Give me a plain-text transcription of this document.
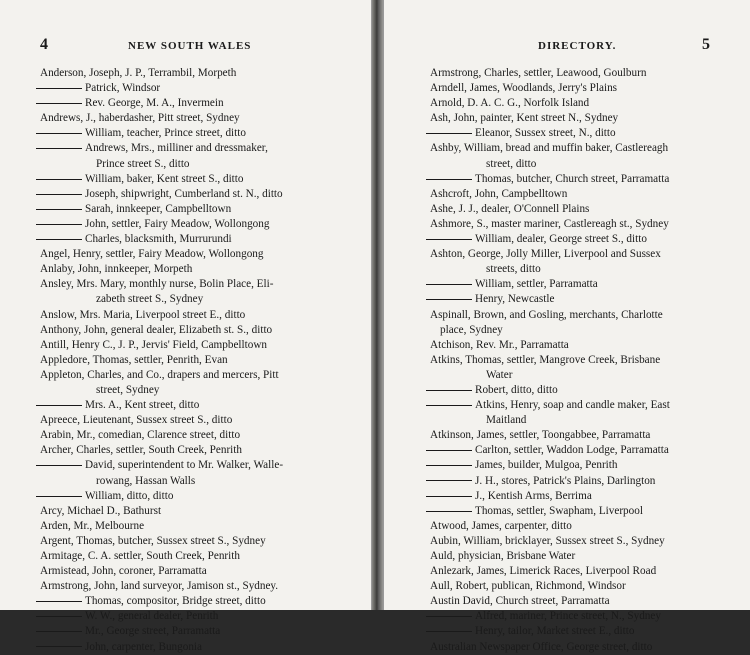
4	NEW SOUTH WALES
Anderson, Joseph, J. P., Terrambil, Morpeth
Patrick, Windsor
Rev. George, M. A., Invermein
Andrews, J., haberdasher, Pitt street, Sydney
William, teacher, Prince street, ditto
Andrews, Mrs., milliner and dressmaker,
Prince street S., ditto
William, baker, Kent street S., ditto
Joseph, shipwright, Cumberland st. N., ditto
Sarah, innkeeper, Campbelltown
John, settler, Fairy Meadow, Wollongong
Charles, blacksmith, Murrurundi
Angel, Henry, settler, Fairy Meadow, Wollongong
Anlaby, John, innkeeper, Morpeth
Ansley, Mrs. Mary, monthly nurse, Bolin Place, Eli-
zabeth street S., Sydney
Anslow, Mrs. Maria, Liverpool street E., ditto
Anthony, John, general dealer, Elizabeth st. S., ditto
Antill, Henry C., J. P., Jervis' Field, Campbelltown
Appledore, Thomas, settler, Penrith, Evan
Appleton, Charles, and Co., drapers and mercers, Pitt
street, Sydney
Mrs. A., Kent street, ditto
Apreece, Lieutenant, Sussex street S., ditto
Arabin, Mr., comedian, Clarence street, ditto
Archer, Charles, settler, South Creek, Penrith
David, superintendent to Mr. Walker, Walle-
rowang, Hassan Walls
William, ditto, ditto
Arcy, Michael D., Bathurst
Arden, Mr., Melbourne
Argent, Thomas, butcher, Sussex street S., Sydney
Armitage, C. A. settler, South Creek, Penrith
Armistead, John, coroner, Parramatta
Armstrong, John, land surveyor, Jamison st., Sydney.
Thomas, compositor, Bridge street, ditto
W. W., general dealer, Penrith
Mr., George street, Parramatta
John, carpenter, Bungonia
DIRECTORY.	5
Armstrong, Charles, settler, Leawood, Goulburn
Arndell, James, Woodlands, Jerry's Plains
Arnold, D. A. C. G., Norfolk Island
Ash, John, painter, Kent street N., Sydney
Eleanor, Sussex street, N., ditto
Ashby, William, bread and muffin baker, Castlereagh
street, ditto
Thomas, butcher, Church street, Parramatta
Ashcroft, John, Campbelltown
Ashe, J. J., dealer, O'Connell Plains
Ashmore, S., master mariner, Castlereagh st., Sydney
William, dealer, George street S., ditto
Ashton, George, Jolly Miller, Liverpool and Sussex
streets, ditto
William, settler, Parramatta
Henry, Newcastle
Aspinall, Brown, and Gosling, merchants, Charlotte
place, Sydney
Atchison, Rev. Mr., Parramatta
Atkins, Thomas, settler, Mangrove Creek, Brisbane
Water
Robert, ditto, ditto
Atkins, Henry, soap and candle maker, East
Maitland
Atkinson, James, settler, Toongabbee, Parramatta
Carlton, settler, Waddon Lodge, Parramatta
James, builder, Mulgoa, Penrith
J. H., stores, Patrick's Plains, Darlington
J., Kentish Arms, Berrima
Thomas, settler, Swapham, Liverpool
Atwood, James, carpenter, ditto
Aubin, William, bricklayer, Sussex street S., Sydney
Auld, physician, Brisbane Water
Anlezark, James, Limerick Races, Liverpool Road
Aull, Robert, publican, Richmond, Windsor
Austin David, Church street, Parramatta
Alfred, mariner, Prince street, N., Sydney
Henry, tailor, Market street E., ditto
Australian Newspaper Office, George street, ditto
